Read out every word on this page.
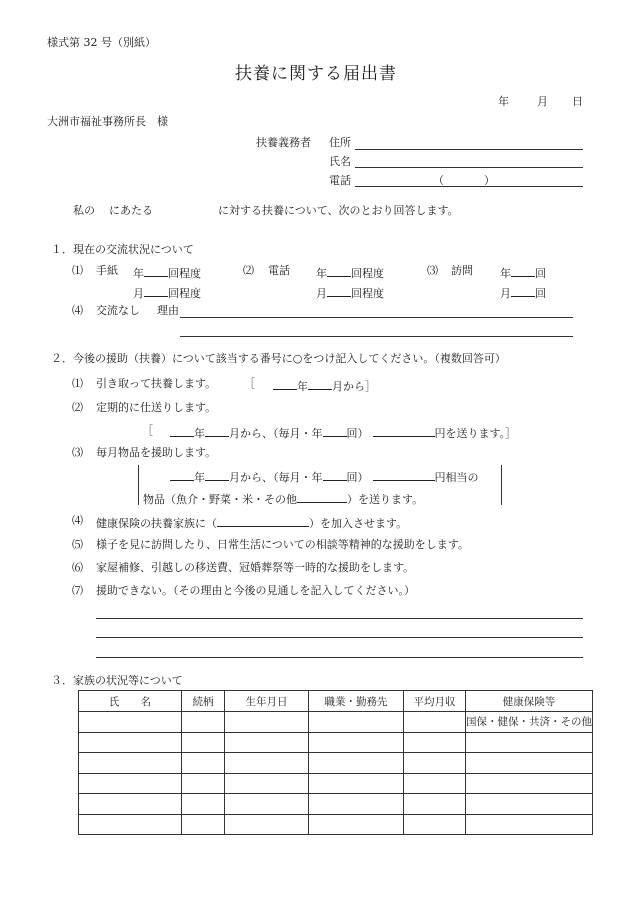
様式第 32 号（別紙）
扶養に関する届出書
年	月 日
大洲市福祉事務所長　様
扶養義務者 住所
氏名
電話	（	）
私の にあたる	に対する扶養について、次のとおり回答します。
１．現在の交流状況について
⑴ 手紙 年 回程度
月 回程度
⑵ 電話 年 回程度
月 回程度
⑶ 訪問 年 回
月 回
⑷ 交流なし 理由
２．今後の援助（扶養）について該当する番号に○をつけ記入してください。（複数回答可）
⑴ 引き取って扶養します。	［	年 月から］
⑵ 定期的に仕送りします。
［	年 月から、（毎月・年 回）	円を送ります。］
⑶ 毎月物品を援助します。
年 月から、（毎月・年 回）	円相当の
物品（魚介・野菜・米・その他	）を送ります。
⑷ 健康保険の扶養家族に（	）を加入させます。
⑸ 様子を見に訪問したり、日常生活についての相談等精神的な援助をします。
⑹ 家屋補修、引越しの移送費、冠婚葬祭等一時的な援助をします。
⑺ 援助できない。（その理由と今後の見通しを記入してください。）
３．家族の状況等について
氏　　名	続柄	生年月日	職業・勤務先	平均月収	健康保険等
					国保・健保・共済・その他
